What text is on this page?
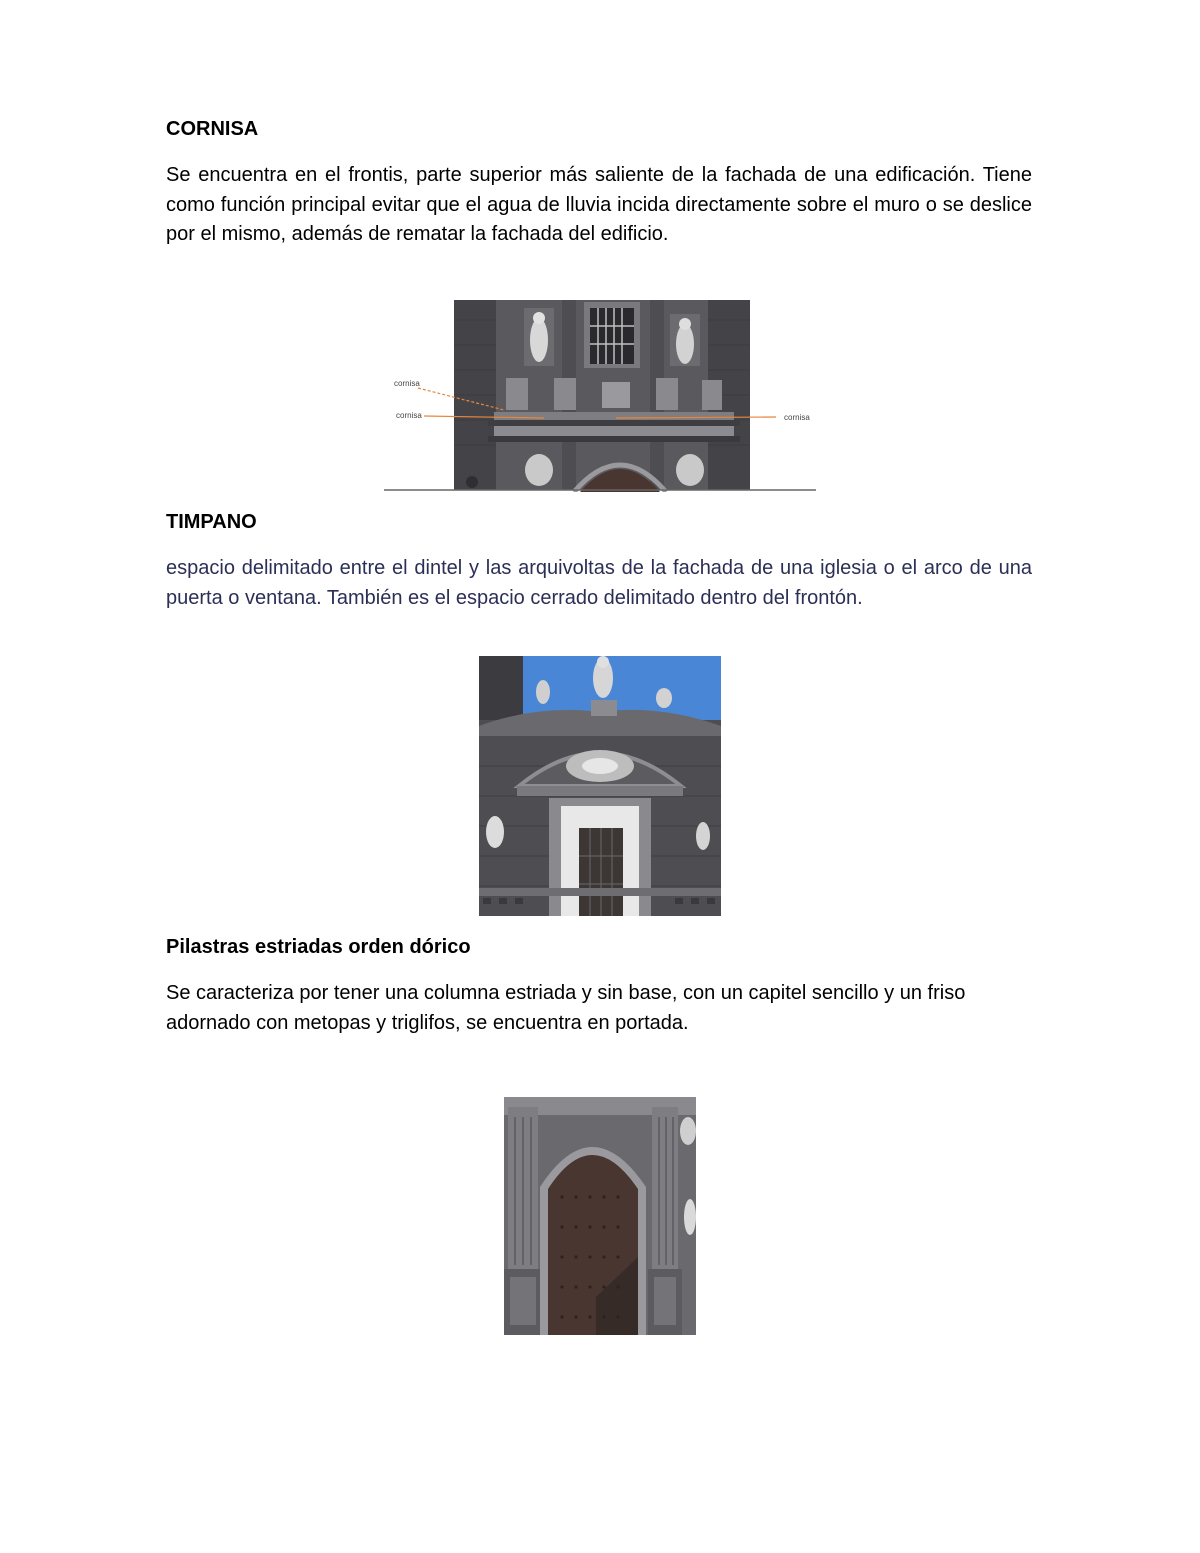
CORNISA

Se encuentra en el frontis, parte superior más saliente de la fachada de una edificación. Tiene como función principal evitar que el agua de lluvia incida directamente sobre el muro o se deslice por el mismo, además de rematar la fachada del edificio.

cornisa
cornisa	cornisa
TIMPANO

espacio delimitado entre el dintel y las arquivoltas de la fachada de una iglesia o el arco de una puerta o ventana. También es el espacio cerrado delimitado dentro del frontón.

Pilastras estriadas orden dórico

Se caracteriza por tener una columna estriada y sin base, con un capitel sencillo y un friso adornado con metopas y triglifos, se encuentra en portada.
